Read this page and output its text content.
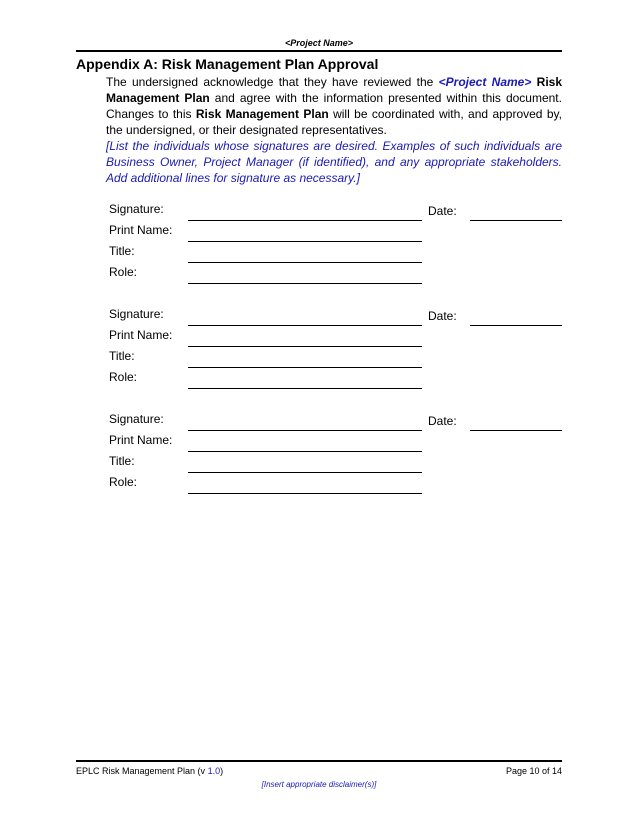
<Project Name>
Appendix A: Risk Management Plan Approval
The undersigned acknowledge that they have reviewed the <Project Name> Risk Management Plan and agree with the information presented within this document. Changes to this Risk Management Plan will be coordinated with, and approved by, the undersigned, or their designated representatives.
[List the individuals whose signatures are desired. Examples of such individuals are Business Owner, Project Manager (if identified), and any appropriate stakeholders. Add additional lines for signature as necessary.]
Signature:	Date:
Print Name:
Title:
Role:
Signature:	Date:
Print Name:
Title:
Role:
Signature:	Date:
Print Name:
Title:
Role:
EPLC Risk Management Plan (v 1.0)	Page 10 of 14
[Insert appropriate disclaimer(s)]
